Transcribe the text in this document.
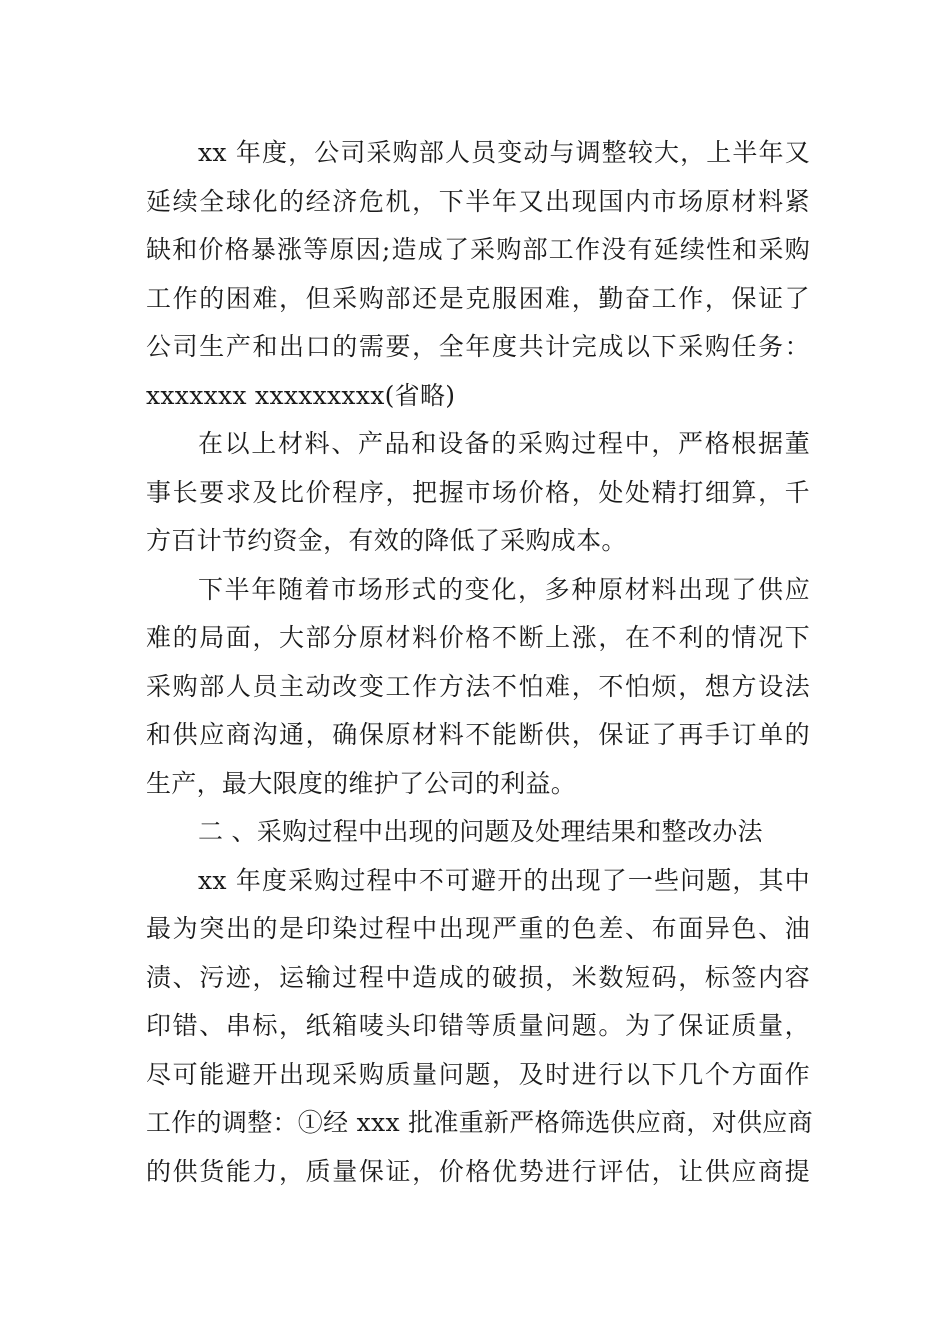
xx 年度，公司采购部人员变动与调整较大，上半年又
延续全球化的经济危机，下半年又出现国内市场原材料紧
缺和价格暴涨等原因;造成了采购部工作没有延续性和采购
工作的困难，但采购部还是克服困难，勤奋工作，保证了
公司生产和出口的需要，全年度共计完成以下采购任务：
xxxxxxx xxxxxxxxx(省略)
在以上材料、产品和设备的采购过程中，严格根据董
事长要求及比价程序，把握市场价格，处处精打细算，千
方百计节约资金，有效的降低了采购成本。
下半年随着市场形式的变化，多种原材料出现了供应
难的局面，大部分原材料价格不断上涨，在不利的情况下
采购部人员主动改变工作方法不怕难，不怕烦，想方设法
和供应商沟通，确保原材料不能断供，保证了再手订单的
生产，最大限度的维护了公司的利益。
二 、采购过程中出现的问题及处理结果和整改办法
xx 年度采购过程中不可避开的出现了一些问题，其中
最为突出的是印染过程中出现严重的色差、布面异色、油
渍、污迹，运输过程中造成的破损，米数短码，标签内容
印错、串标，纸箱唛头印错等质量问题。为了保证质量，
尽可能避开出现采购质量问题，及时进行以下几个方面作
工作的调整：①经 xxx 批准重新严格筛选供应商，对供应商
的供货能力，质量保证，价格优势进行评估，让供应商提
